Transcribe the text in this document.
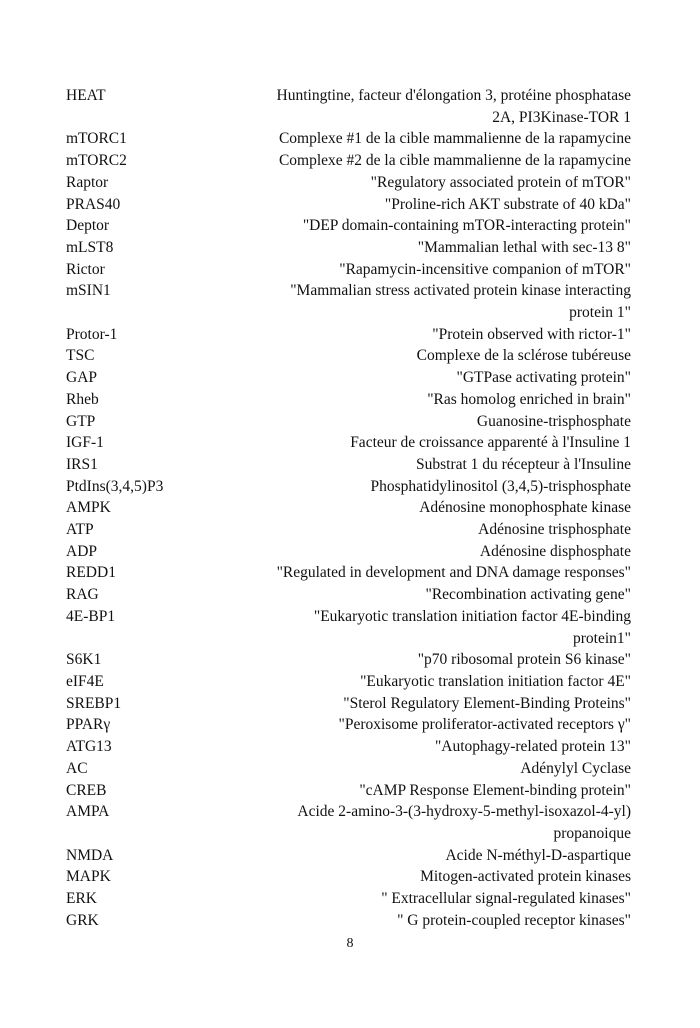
HEAT	Huntingtine, facteur d'élongation 3, protéine phosphatase
2A, PI3Kinase-TOR 1
mTORC1	Complexe #1 de la cible mammalienne de la rapamycine
mTORC2	Complexe #2 de la cible mammalienne de la rapamycine
Raptor	"Regulatory associated protein of mTOR"
PRAS40	"Proline-rich AKT substrate of 40 kDa"
Deptor	"DEP domain-containing mTOR-interacting protein"
mLST8	"Mammalian lethal with sec-13 8"
Rictor	"Rapamycin-incensitive companion of mTOR"
mSIN1	"Mammalian stress activated protein kinase interacting
protein 1"
Protor-1	"Protein observed with rictor-1"
TSC	Complexe de la sclérose tubéreuse
GAP	"GTPase activating protein"
Rheb	"Ras homolog enriched in brain"
GTP	Guanosine-trisphosphate
IGF-1	Facteur de croissance apparenté à l'Insuline 1
IRS1	Substrat 1 du récepteur à l'Insuline
PtdIns(3,4,5)P3	Phosphatidylinositol (3,4,5)-trisphosphate
AMPK	Adénosine monophosphate kinase
ATP	Adénosine trisphosphate
ADP	Adénosine disphosphate
REDD1	"Regulated in development and DNA damage responses"
RAG	"Recombination activating gene"
4E-BP1	"Eukaryotic translation initiation factor 4E-binding
protein1"
S6K1	"p70 ribosomal protein S6 kinase"
eIF4E	"Eukaryotic translation initiation factor 4E"
SREBP1	"Sterol Regulatory Element-Binding Proteins"
PPARγ	"Peroxisome proliferator-activated receptors γ"
ATG13	"Autophagy-related protein 13"
AC	Adénylyl Cyclase
CREB	"cAMP Response Element-binding protein"
AMPA	Acide 2-amino-3-(3-hydroxy-5-methyl-isoxazol-4-yl)
propanoique
NMDA	Acide N-méthyl-D-aspartique
MAPK	Mitogen-activated protein kinases
ERK	" Extracellular signal-regulated kinases"
GRK	" G protein-coupled receptor kinases"
8
